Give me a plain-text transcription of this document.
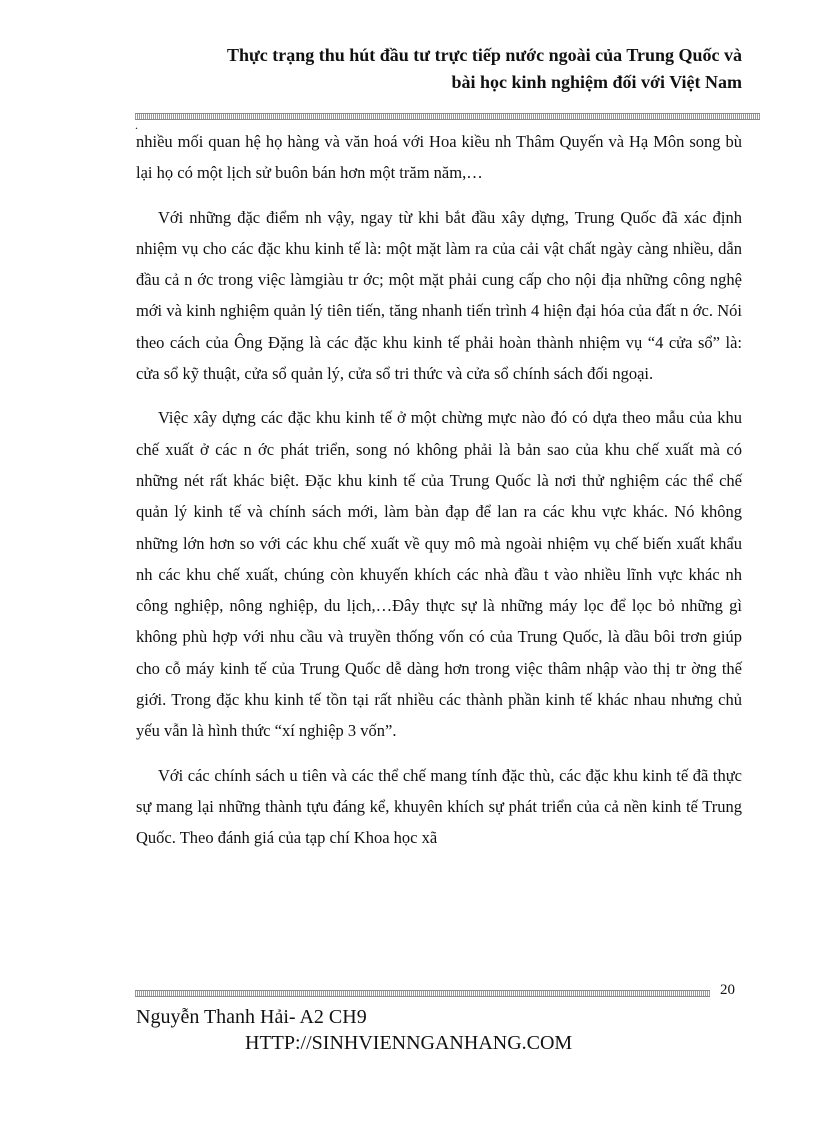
Thực trạng thu hút đầu tư trực tiếp nước ngoài của Trung Quốc và
bài học kinh nghiệm đối với Việt Nam
.

nhiều mối quan hệ họ hàng và văn hoá với Hoa kiều nh Thâm Quyến và Hạ Môn song bù lại họ có một lịch sử buôn bán hơn một trăm năm,…

Với những đặc điểm nh vậy, ngay từ khi bắt đầu xây dựng, Trung Quốc đã xác định nhiệm vụ cho các đặc khu kinh tế là: một mặt làm ra của cải vật chất ngày càng nhiều, dẫn đầu cả n ớc trong việc làmgiàu tr ớc; một mặt phải cung cấp cho nội địa những công nghệ mới và kinh nghiệm quản lý tiên tiến, tăng nhanh tiến trình 4 hiện đại hóa của đất n ớc. Nói theo cách của Ông Đặng là các đặc khu kinh tế phải hoàn thành nhiệm vụ “4 cửa sổ” là: cửa sổ kỹ thuật, cửa sổ quản lý, cửa sổ tri thức và cửa sổ chính sách đối ngoại.

Việc xây dựng các đặc khu kinh tế ở một chừng mực nào đó có dựa theo mẫu của khu chế xuất ở các n ớc phát triển, song nó không phải là bản sao của khu chế xuất mà có những nét rất khác biệt. Đặc khu kinh tế của Trung Quốc là nơi thử nghiệm các thể chế quản lý kinh tế và chính sách mới, làm bàn đạp để lan ra các khu vực khác. Nó không những lớn hơn so với các khu chế xuất về quy mô mà ngoài nhiệm vụ chế biến xuất khẩu nh các khu chế xuất, chúng còn khuyến khích các nhà đầu t vào nhiều lĩnh vực khác nh công nghiệp, nông nghiệp, du lịch,…Đây thực sự là những máy lọc để lọc bỏ những gì không phù hợp với nhu cầu và truyền thống vốn có của Trung Quốc, là dầu bôi trơn giúp cho cỗ máy kinh tế của Trung Quốc dễ dàng hơn trong việc thâm nhập vào thị tr ờng thế giới. Trong đặc khu kinh tế tồn tại rất nhiều các thành phần kinh tế khác nhau nhưng chủ yếu vẫn là hình thức “xí nghiệp 3 vốn”.

Với các chính sách u tiên và các thể chế mang tính đặc thù, các đặc khu kinh tế đã thực sự mang lại những thành tựu đáng kể, khuyên khích sự phát triển của cả nền kinh tế Trung Quốc. Theo đánh giá của tạp chí Khoa học xã

20
Nguyễn Thanh Hải- A2 CH9
HTTP://SINHVIENNGANHANG.COM
